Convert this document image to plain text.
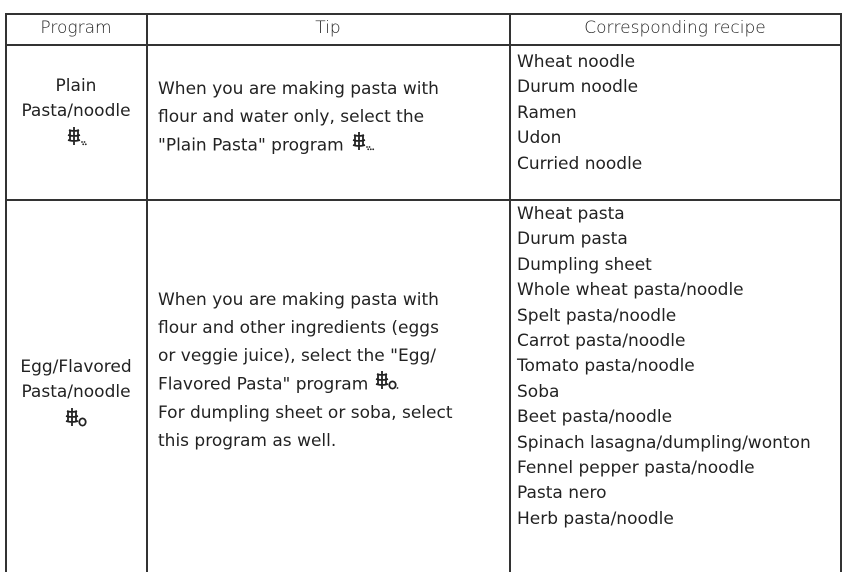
Program	Tip	Corresponding recipe
Plain
Pasta/noodle
When you are making pasta with
flour and water only, select the
"Plain Pasta" program
Wheat noodle
Durum noodle
Ramen
Udon
Curried noodle
Egg/Flavored
Pasta/noodle
When you are making pasta with
flour and other ingredients (eggs
or veggie juice), select the "Egg/
Flavored Pasta" program
For dumpling sheet or soba, select
this program as well.
Wheat pasta
Durum pasta
Dumpling sheet
Whole wheat pasta/noodle
Spelt pasta/noodle
Carrot pasta/noodle
Tomato pasta/noodle
Soba
Beet pasta/noodle
Spinach lasagna/dumpling/wonton
Fennel pepper pasta/noodle
Pasta nero
Herb pasta/noodle
